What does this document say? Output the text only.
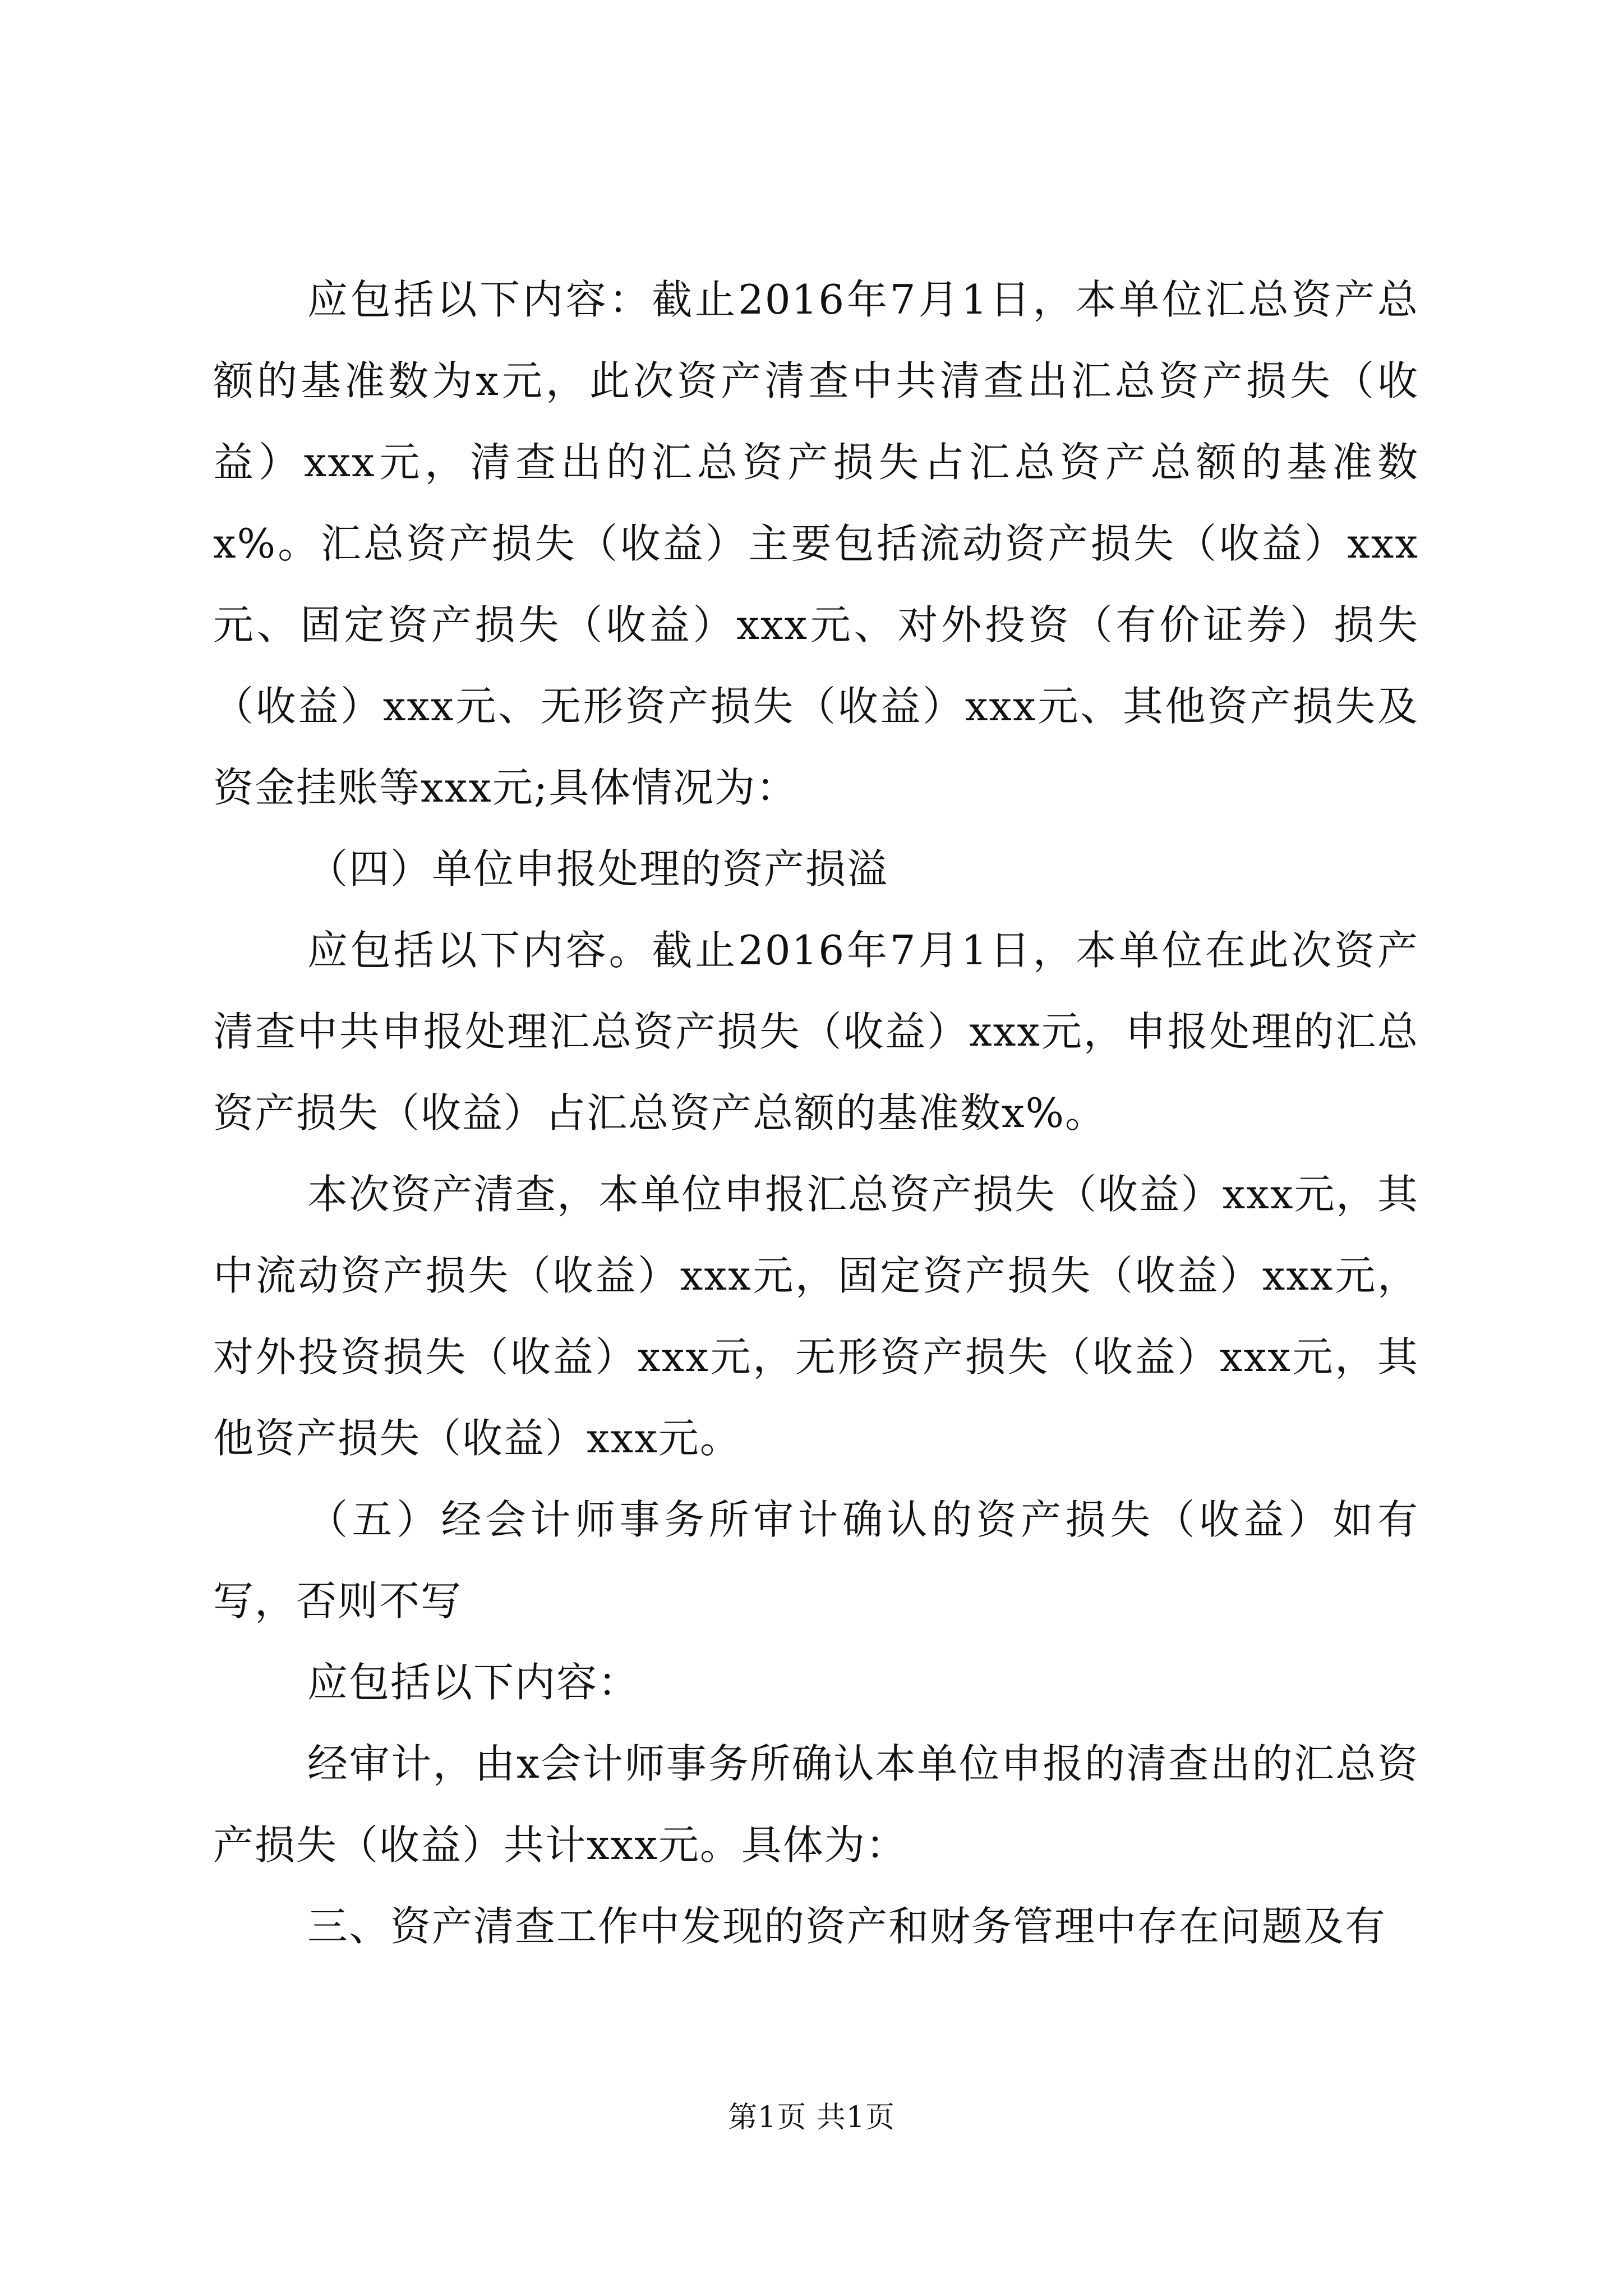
应包括以下内容：截止2016年7月1日，本单位汇总资产总额的基准数为x元，此次资产清查中共清查出汇总资产损失（收益）xxx元，清查出的汇总资产损失占汇总资产总额的基准数x%。汇总资产损失（收益）主要包括流动资产损失（收益）xxx元、固定资产损失（收益）xxx元、对外投资（有价证券）损失（收益）xxx元、无形资产损失（收益）xxx元、其他资产损失及资金挂账等xxx元;具体情况为：

（四）单位申报处理的资产损溢

应包括以下内容。截止2016年7月1日，本单位在此次资产清查中共申报处理汇总资产损失（收益）xxx元，申报处理的汇总资产损失（收益）占汇总资产总额的基准数x%。

本次资产清查，本单位申报汇总资产损失（收益）xxx元，其中流动资产损失（收益）xxx元，固定资产损失（收益）xxx元，对外投资损失（收益）xxx元，无形资产损失（收益）xxx元，其他资产损失（收益）xxx元。

（五）经会计师事务所审计确认的资产损失（收益）如有写，否则不写

应包括以下内容：

经审计，由x会计师事务所确认本单位申报的清查出的汇总资产损失（收益）共计xxx元。具体为：

三、资产清查工作中发现的资产和财务管理中存在问题及有

第1页 共1页
